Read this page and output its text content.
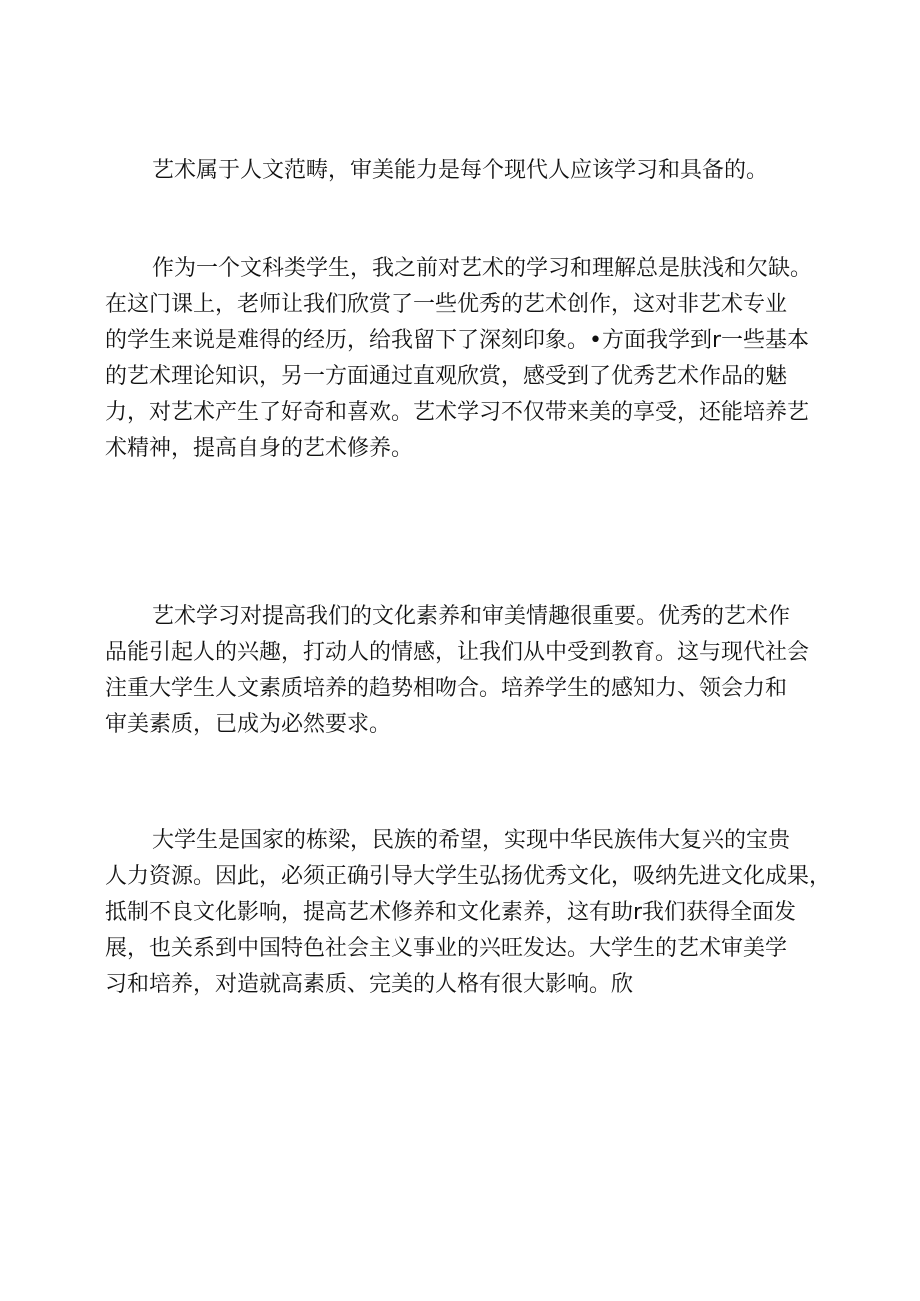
艺术属于人文范畴，审美能力是每个现代人应该学习和具备的。

作为一个文科类学生，我之前对艺术的学习和理解总是肤浅和欠缺。
在这门课上，老师让我们欣赏了一些优秀的艺术创作，这对非艺术专业
的学生来说是难得的经历，给我留下了深刻印象。•方面我学到r一些基本
的艺术理论知识，另一方面通过直观欣赏，感受到了优秀艺术作品的魅
力，对艺术产生了好奇和喜欢。艺术学习不仅带来美的享受，还能培养艺
术精神，提高自身的艺术修养。

艺术学习对提高我们的文化素养和审美情趣很重要。优秀的艺术作
品能引起人的兴趣，打动人的情感，让我们从中受到教育。这与现代社会
注重大学生人文素质培养的趋势相吻合。培养学生的感知力、领会力和
审美素质，已成为必然要求。

大学生是国家的栋梁，民族的希望，实现中华民族伟大复兴的宝贵
人力资源。因此，必须正确引导大学生弘扬优秀文化，吸纳先进文化成果，
抵制不良文化影响，提高艺术修养和文化素养，这有助r我们获得全面发
展，也关系到中国特色社会主义事业的兴旺发达。大学生的艺术审美学
习和培养，对造就高素质、完美的人格有很大影响。欣
